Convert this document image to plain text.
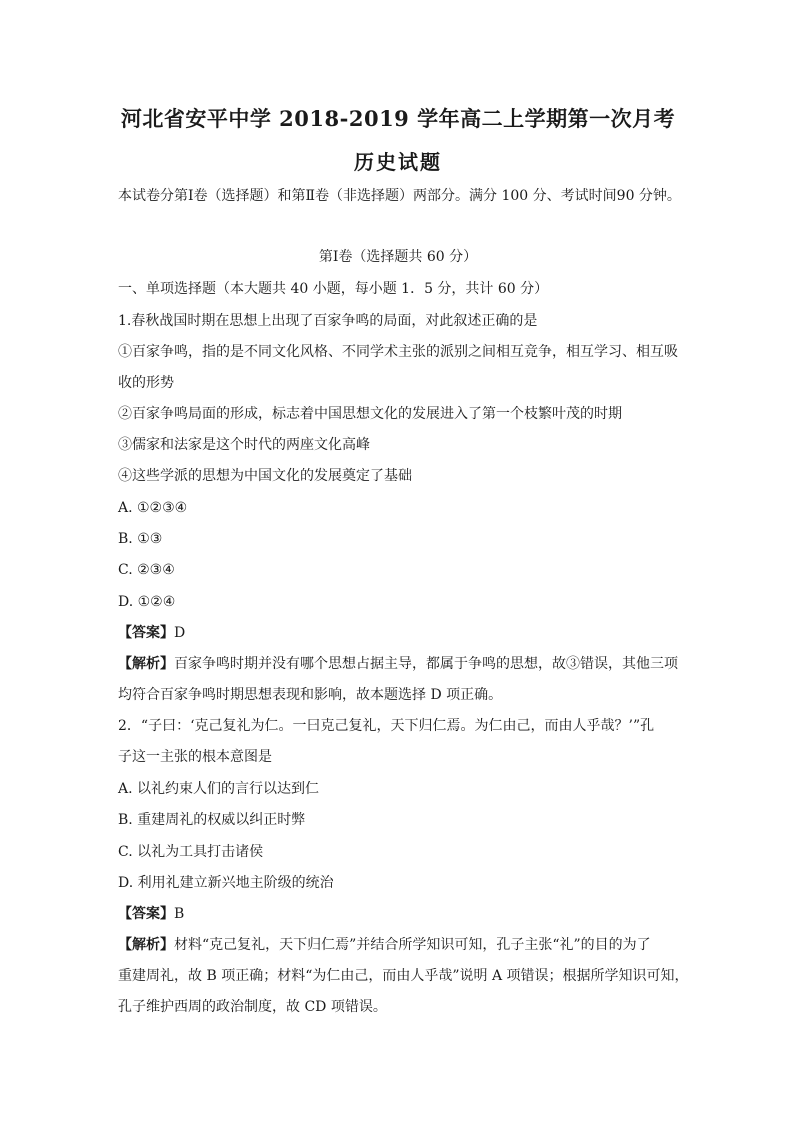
河北省安平中学 2018-2019 学年高二上学期第一次月考
历史试题
本试卷分第Ⅰ卷（选择题）和第Ⅱ卷（非选择题）两部分。满分 100 分、考试时间90 分钟。
第Ⅰ卷（选择题共 60 分）
一、单项选择题（本大题共 40 小题，每小题 1．5 分，共计 60 分）
1.春秋战国时期在思想上出现了百家争鸣的局面，对此叙述正确的是
①百家争鸣，指的是不同文化风格、不同学术主张的派别之间相互竞争，相互学习、相互吸
收的形势
②百家争鸣局面的形成，标志着中国思想文化的发展进入了第一个枝繁叶茂的时期
③儒家和法家是这个时代的两座文化高峰
④这些学派的思想为中国文化的发展奠定了基础
A. ①②③④
B. ①③
C. ②③④
D. ①②④
【答案】D
【解析】百家争鸣时期并没有哪个思想占据主导，都属于争鸣的思想，故③错误，其他三项
均符合百家争鸣时期思想表现和影响，故本题选择 D 项正确。
2．“子曰：‘克己复礼为仁。一曰克己复礼，天下归仁焉。为仁由己，而由人乎哉？’”孔
子这一主张的根本意图是
A. 以礼约束人们的言行以达到仁
B. 重建周礼的权威以纠正时弊
C. 以礼为工具打击诸侯
D. 利用礼建立新兴地主阶级的统治
【答案】B
【解析】材料“克己复礼，天下归仁焉”并结合所学知识可知，孔子主张“礼”的目的为了
重建周礼，故 B 项正确；材料“为仁由己，而由人乎哉”说明 A 项错误；根据所学知识可知，
孔子维护西周的政治制度，故 CD 项错误。
